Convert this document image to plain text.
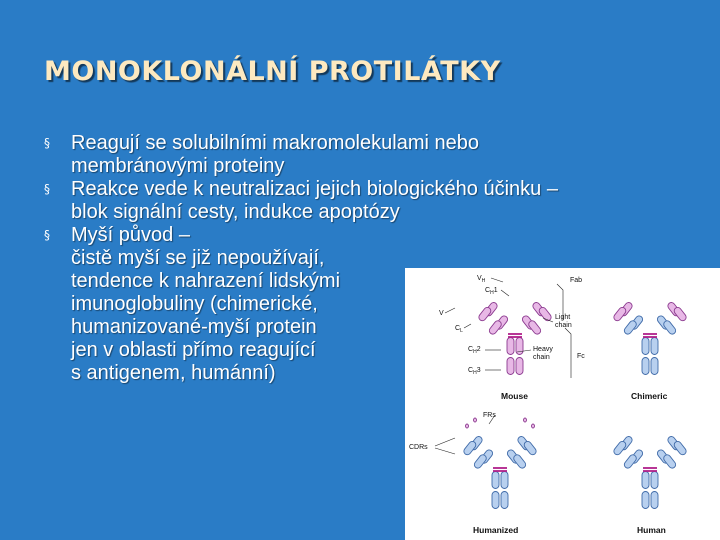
MONOKLONÁLNÍ PROTILÁTKY
§	Reagují se solubilními makromolekulami nebo
membránovými proteiny
§	Reakce vede k neutralizaci jejich biologického účinku –
blok signální cesty, indukce apoptózy
§	Myší původ –
čistě myší se již nepoužívají,
tendence k nahrazení lidskými
imunoglobuliny (chimerické,
humanizované-myší protein
jen v oblasti přímo reagující
s antigenem, humánní)
$V_H$
$C_H1$
V
$C_L$
$C_H2$
$C_H3$
Fab
Light chain
Heavy chain	Fc
FRs
CDRs
Mouse	Chimeric
Humanized	Human
